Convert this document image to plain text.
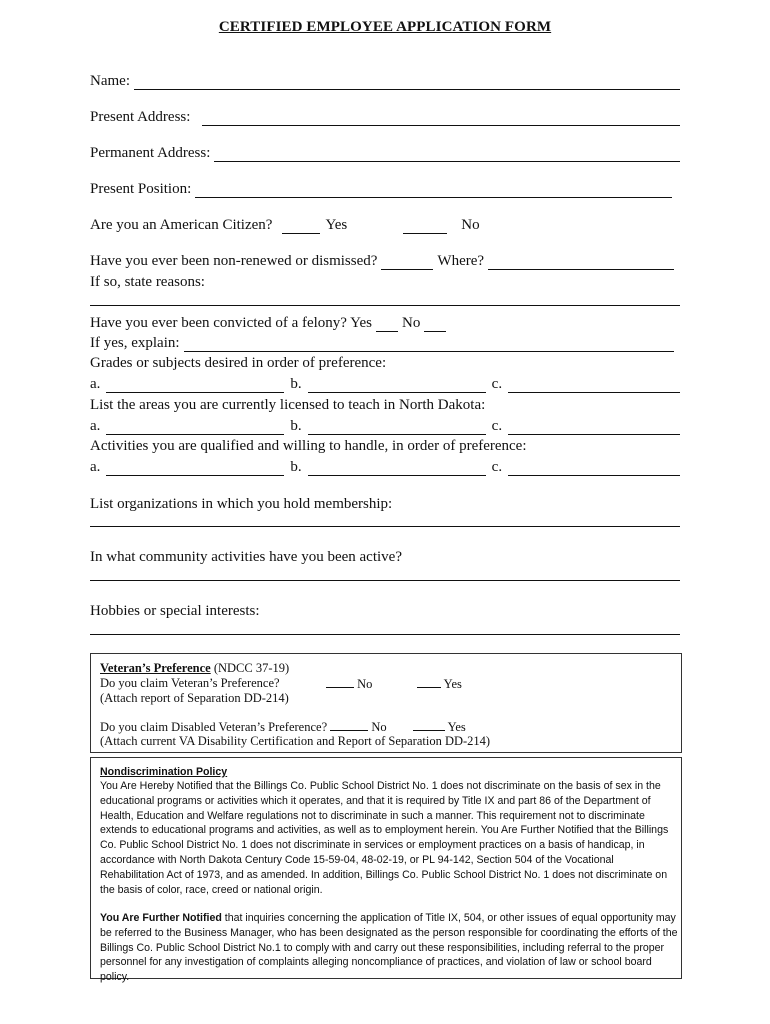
CERTIFIED EMPLOYEE APPLICATION FORM
Name:
Present Address:
Permanent Address:
Present Position:
Are you an American Citizen?	Yes	No
Have you ever been non-renewed or dismissed?	Where?
If so, state reasons:
Have you ever been convicted of a felony? Yes No
If yes, explain:
Grades or subjects desired in order of preference:
a.	b.	c.
List the areas you are currently licensed to teach in North Dakota:
a.	b.	c.
Activities you are qualified and willing to handle, in order of preference:
a.	b.	c.
List organizations in which you hold membership:
In what community activities have you been active?
Hobbies or special interests:
Veteran’s Preference (NDCC 37-19)
Do you claim Veteran’s Preference?	No	Yes
(Attach report of Separation DD-214)
Do you claim Disabled Veteran’s Preference?	No	Yes
(Attach current VA Disability Certification and Report of Separation DD-214)
Nondiscrimination Policy
You Are Hereby Notified that the Billings Co. Public School District No. 1 does not discriminate on the basis of sex in the educational programs or activities which it operates, and that it is required by Title IX and part 86 of the Department of Health, Education and Welfare regulations not to discriminate in such a manner. This requirement not to discriminate extends to educational programs and activities, as well as to employment herein. You Are Further Notified that the Billings Co. Public School District No. 1 does not discriminate in services or employment practices on a basis of handicap, in accordance with North Dakota Century Code 15-59-04, 48-02-19, or PL 94-142, Section 504 of the Vocational Rehabilitation Act of 1973, and as amended. In addition, Billings Co. Public School District No. 1 does not discriminate on the basis of color, race, creed or national origin.
You Are Further Notified that inquiries concerning the application of Title IX, 504, or other issues of equal opportunity may be referred to the Business Manager, who has been designated as the person responsible for coordinating the efforts of the Billings Co. Public School District No.1 to comply with and carry out these responsibilities, including referral to the proper personnel for any investigation of complaints alleging noncompliance of practices, and violation of law or school board policy.
